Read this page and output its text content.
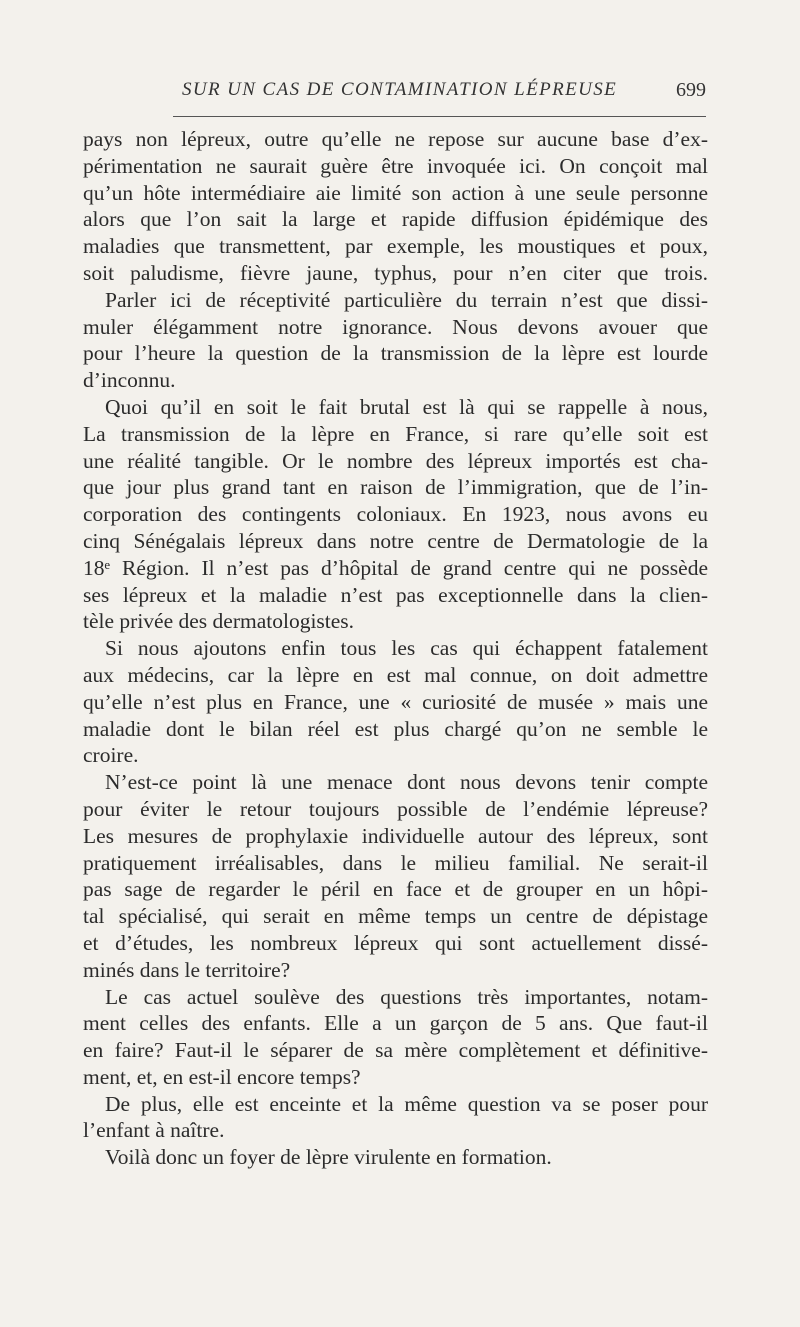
SUR UN CAS DE CONTAMINATION LÉPREUSE	699
pays non lépreux, outre qu’elle ne repose sur aucune base d’ex-
périmentation ne saurait guère être invoquée ici. On conçoit mal
qu’un hôte intermédiaire aie limité son action à une seule personne
alors que l’on sait la large et rapide diffusion épidémique des
maladies que transmettent, par exemple, les moustiques et poux,
soit paludisme, fièvre jaune, typhus, pour n’en citer que trois.
Parler ici de réceptivité particulière du terrain n’est que dissi-
muler élégamment notre ignorance. Nous devons avouer que
pour l’heure la question de la transmission de la lèpre est lourde
d’inconnu.
Quoi qu’il en soit le fait brutal est là qui se rappelle à nous,
La transmission de la lèpre en France, si rare qu’elle soit est
une réalité tangible. Or le nombre des lépreux importés est cha-
que jour plus grand tant en raison de l’immigration, que de l’in-
corporation des contingents coloniaux. En 1923, nous avons eu
cinq Sénégalais lépreux dans notre centre de Dermatologie de la
18ᵉ Région. Il n’est pas d’hôpital de grand centre qui ne possède
ses lépreux et la maladie n’est pas exceptionnelle dans la clien-
tèle privée des dermatologistes.
Si nous ajoutons enfin tous les cas qui échappent fatalement
aux médecins, car la lèpre en est mal connue, on doit admettre
qu’elle n’est plus en France, une « curiosité de musée » mais une
maladie dont le bilan réel est plus chargé qu’on ne semble le
croire.
N’est-ce point là une menace dont nous devons tenir compte
pour éviter le retour toujours possible de l’endémie lépreuse?
Les mesures de prophylaxie individuelle autour des lépreux, sont
pratiquement irréalisables, dans le milieu familial. Ne serait-il
pas sage de regarder le péril en face et de grouper en un hôpi-
tal spécialisé, qui serait en même temps un centre de dépistage
et d’études, les nombreux lépreux qui sont actuellement dissé-
minés dans le territoire?
Le cas actuel soulève des questions très importantes, notam-
ment celles des enfants. Elle a un garçon de 5 ans. Que faut-il
en faire? Faut-il le séparer de sa mère complètement et définitive-
ment, et, en est-il encore temps?
De plus, elle est enceinte et la même question va se poser pour
l’enfant à naître.
Voilà donc un foyer de lèpre virulente en formation.
